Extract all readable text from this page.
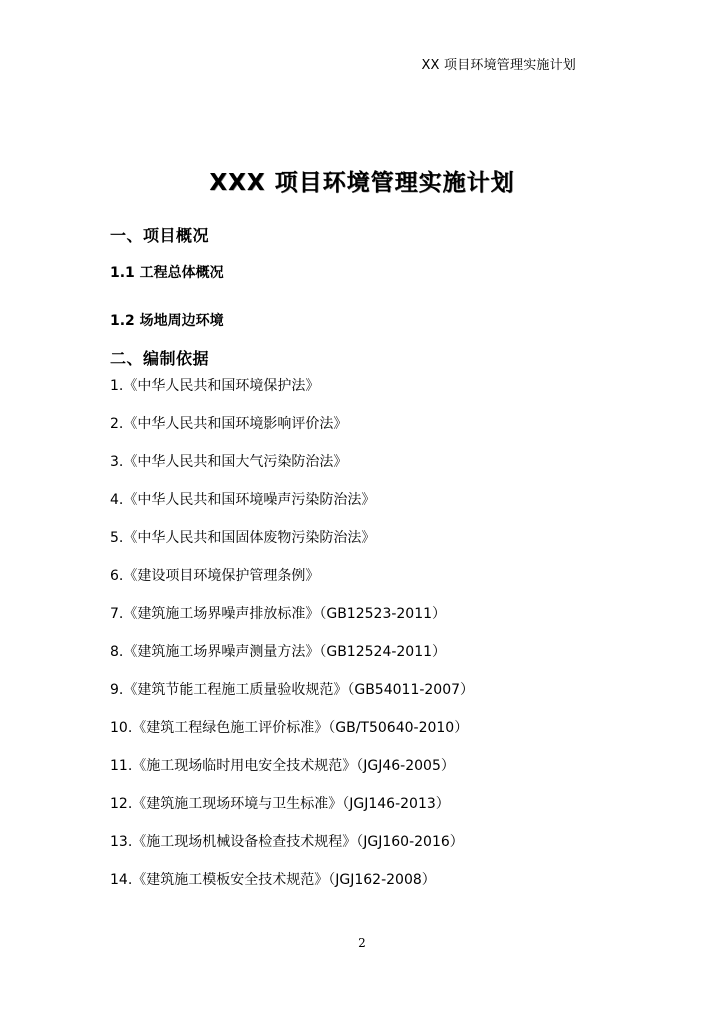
XX 项目环境管理实施计划
XXX 项目环境管理实施计划
一、项目概况
1.1 工程总体概况
1.2 场地周边环境
二、编制依据
1.《中华人民共和国环境保护法》
2.《中华人民共和国环境影响评价法》
3.《中华人民共和国大气污染防治法》
4.《中华人民共和国环境噪声污染防治法》
5.《中华人民共和国固体废物污染防治法》
6.《建设项目环境保护管理条例》
7.《建筑施工场界噪声排放标准》（GB12523-2011）
8.《建筑施工场界噪声测量方法》（GB12524-2011）
9.《建筑节能工程施工质量验收规范》（GB54011-2007）
10.《建筑工程绿色施工评价标准》（GB/T50640-2010）
11.《施工现场临时用电安全技术规范》（JGJ46-2005）
12.《建筑施工现场环境与卫生标准》（JGJ146-2013）
13.《施工现场机械设备检查技术规程》（JGJ160-2016）
14.《建筑施工模板安全技术规范》（JGJ162-2008）
2
